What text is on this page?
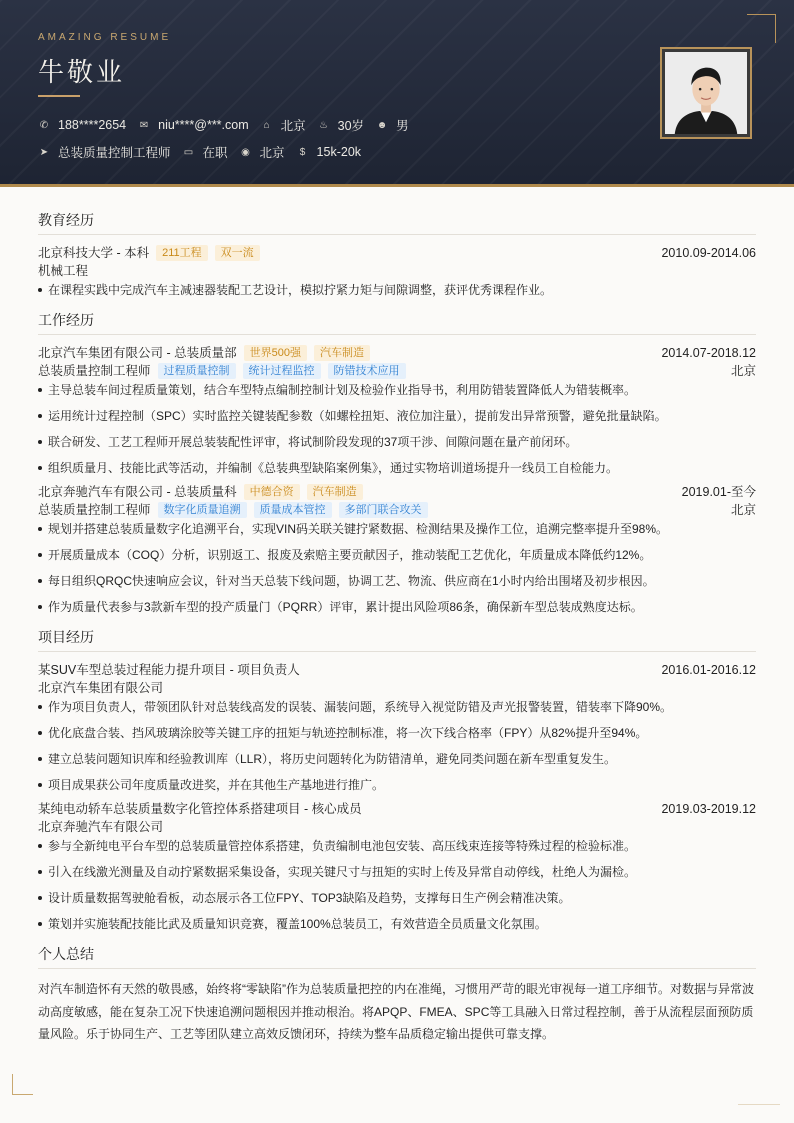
AMAZING RESUME
牛敬业
✆ 188****2654 ✉ niu****@***.com ⌂ 北京 ♨ 30岁 ☻ 男
➤ 总装质量控制工程师 ▭ 在职 ◉ 北京	$ 15k-20k
教育经历
北京科技大学 - 本科	211工程	双一流	2010.09-2014.06
机械工程
在课程实践中完成汽车主减速器装配工艺设计，模拟拧紧力矩与间隙调整，获评优秀课程作业。
工作经历
北京汽车集团有限公司 - 总装质量部	世界500强	汽车制造	2014.07-2018.12
总装质量控制工程师	过程质量控制	统计过程监控	防错技术应用	北京
主导总装车间过程质量策划，结合车型特点编制控制计划及检验作业指导书，利用防错装置降低人为错装概率。
运用统计过程控制（SPC）实时监控关键装配参数（如螺栓扭矩、液位加注量），提前发出异常预警，避免批量缺陷。
联合研发、工艺工程师开展总装装配性评审，将试制阶段发现的37项干涉、间隙问题在量产前闭环。
组织质量月、技能比武等活动，并编制《总装典型缺陷案例集》，通过实物培训道场提升一线员工自检能力。
北京奔驰汽车有限公司 - 总装质量科	中德合资	汽车制造	2019.01-至今
总装质量控制工程师	数字化质量追溯	质量成本管控	多部门联合攻关	北京
规划并搭建总装质量数字化追溯平台，实现VIN码关联关键拧紧数据、检测结果及操作工位，追溯完整率提升至98%。
开展质量成本（COQ）分析，识别返工、报废及索赔主要贡献因子，推动装配工艺优化，年质量成本降低约12%。
每日组织QRQC快速响应会议，针对当天总装下线问题，协调工艺、物流、供应商在1小时内给出围堵及初步根因。
作为质量代表参与3款新车型的投产质量门（PQRR）评审，累计提出风险项86条，确保新车型总装成熟度达标。
项目经历
某SUV车型总装过程能力提升项目 - 项目负责人	2016.01-2016.12
北京汽车集团有限公司
作为项目负责人，带领团队针对总装线高发的误装、漏装问题，系统导入视觉防错及声光报警装置，错装率下降90%。
优化底盘合装、挡风玻璃涂胶等关键工序的扭矩与轨迹控制标准，将一次下线合格率（FPY）从82%提升至94%。
建立总装问题知识库和经验教训库（LLR），将历史问题转化为防错清单，避免同类问题在新车型重复发生。
项目成果获公司年度质量改进奖，并在其他生产基地进行推广。
某纯电动轿车总装质量数字化管控体系搭建项目 - 核心成员	2019.03-2019.12
北京奔驰汽车有限公司
参与全新纯电平台车型的总装质量管控体系搭建，负责编制电池包安装、高压线束连接等特殊过程的检验标准。
引入在线激光测量及自动拧紧数据采集设备，实现关键尺寸与扭矩的实时上传及异常自动停线，杜绝人为漏检。
设计质量数据驾驶舱看板，动态展示各工位FPY、TOP3缺陷及趋势，支撑每日生产例会精准决策。
策划并实施装配技能比武及质量知识竞赛，覆盖100%总装员工，有效营造全员质量文化氛围。
个人总结
对汽车制造怀有天然的敬畏感，始终将“零缺陷”作为总装质量把控的内在准绳，习惯用严苛的眼光审视每一道工序细节。对数据与异常波动高度敏感，能在复杂工况下快速追溯问题根因并推动根治。将APQP、FMEA、SPC等工具融入日常过程控制，善于从流程层面预防质量风险。乐于协同生产、工艺等团队建立高效反馈闭环，持续为整车品质稳定输出提供可靠支撑。
